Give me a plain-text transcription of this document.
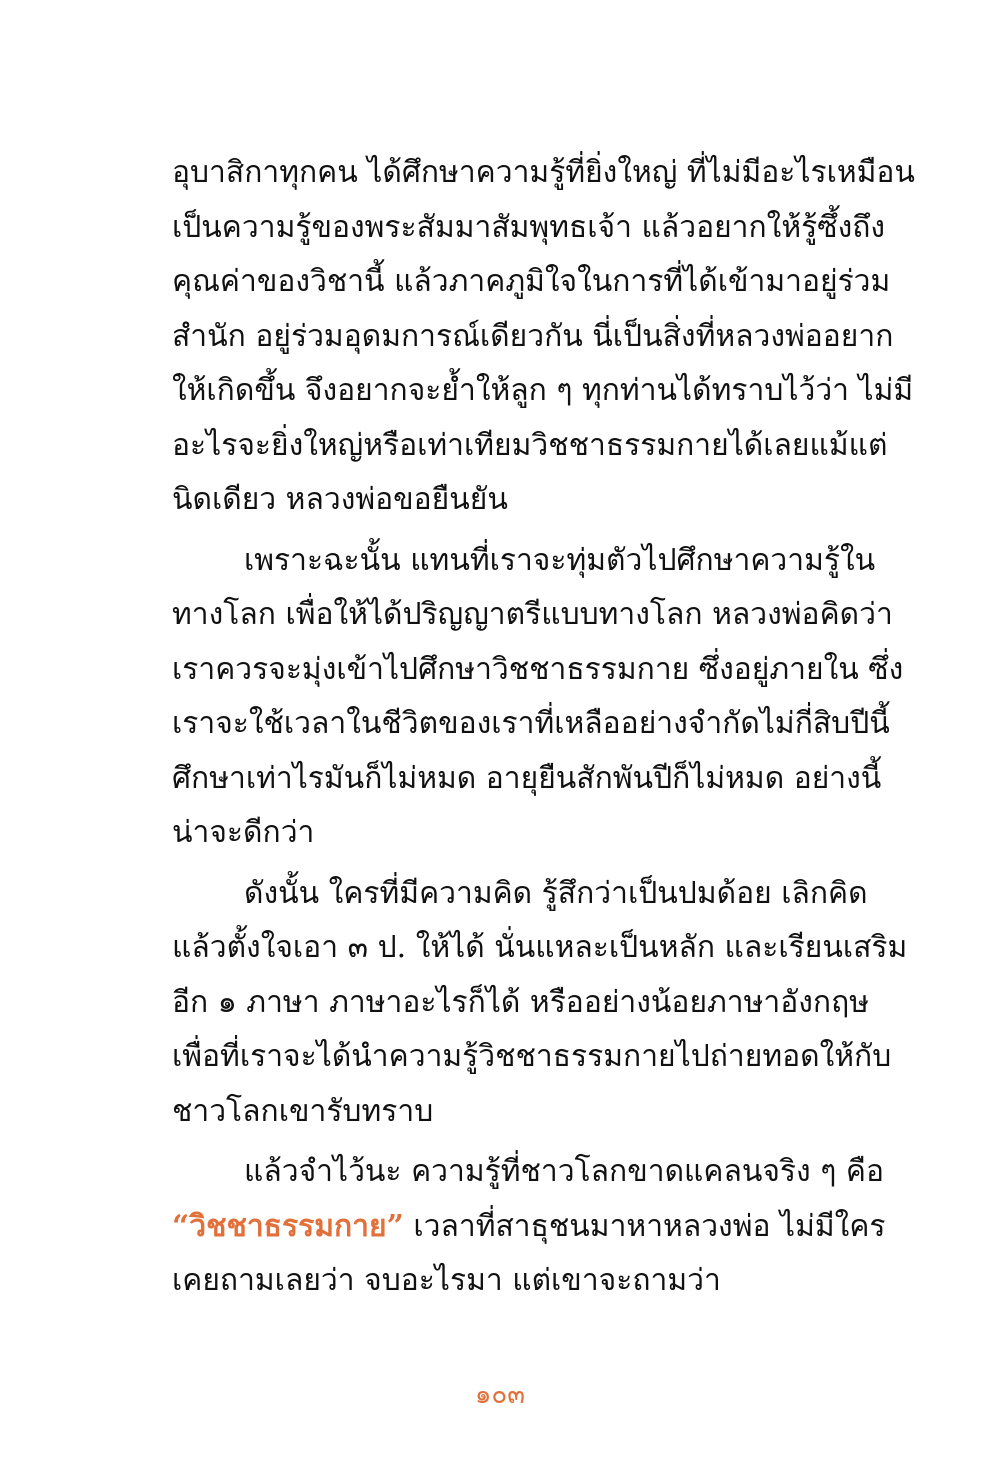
อุบาสิกาทุกคน ได้ศึกษาความรู้ที่ยิ่งใหญ่ ที่ไม่มีอะไรเหมือน
เป็นความรู้ของพระสัมมาสัมพุทธเจ้า แล้วอยากให้รู้ซึ้งถึง
คุณค่าของวิชานี้ แล้วภาคภูมิใจในการที่ได้เข้ามาอยู่ร่วม
สำนัก อยู่ร่วมอุดมการณ์เดียวกัน นี่เป็นสิ่งที่หลวงพ่ออยาก
ให้เกิดขึ้น จึงอยากจะย้ำให้ลูก ๆ ทุกท่านได้ทราบไว้ว่า ไม่มี
อะไรจะยิ่งใหญ่หรือเท่าเทียมวิชชาธรรมกายได้เลยแม้แต่
นิดเดียว หลวงพ่อขอยืนยัน
เพราะฉะนั้น แทนที่เราจะทุ่มตัวไปศึกษาความรู้ใน
ทางโลก เพื่อให้ได้ปริญญาตรีแบบทางโลก หลวงพ่อคิดว่า
เราควรจะมุ่งเข้าไปศึกษาวิชชาธรรมกาย ซึ่งอยู่ภายใน ซึ่ง
เราจะใช้เวลาในชีวิตของเราที่เหลืออย่างจำกัดไม่กี่สิบปีนี้
ศึกษาเท่าไรมันก็ไม่หมด อายุยืนสักพันปีก็ไม่หมด อย่างนี้
น่าจะดีกว่า
ดังนั้น ใครที่มีความคิด รู้สึกว่าเป็นปมด้อย เลิกคิด
แล้วตั้งใจเอา ๓ ป. ให้ได้ นั่นแหละเป็นหลัก และเรียนเสริม
อีก ๑ ภาษา ภาษาอะไรก็ได้ หรืออย่างน้อยภาษาอังกฤษ
เพื่อที่เราจะได้นำความรู้วิชชาธรรมกายไปถ่ายทอดให้กับ
ชาวโลกเขารับทราบ
แล้วจำไว้นะ ความรู้ที่ชาวโลกขาดแคลนจริง ๆ คือ
“วิชชาธรรมกาย” เวลาที่สาธุชนมาหาหลวงพ่อ ไม่มีใคร
เคยถามเลยว่า จบอะไรมา แต่เขาจะถามว่า
๑๐๓
